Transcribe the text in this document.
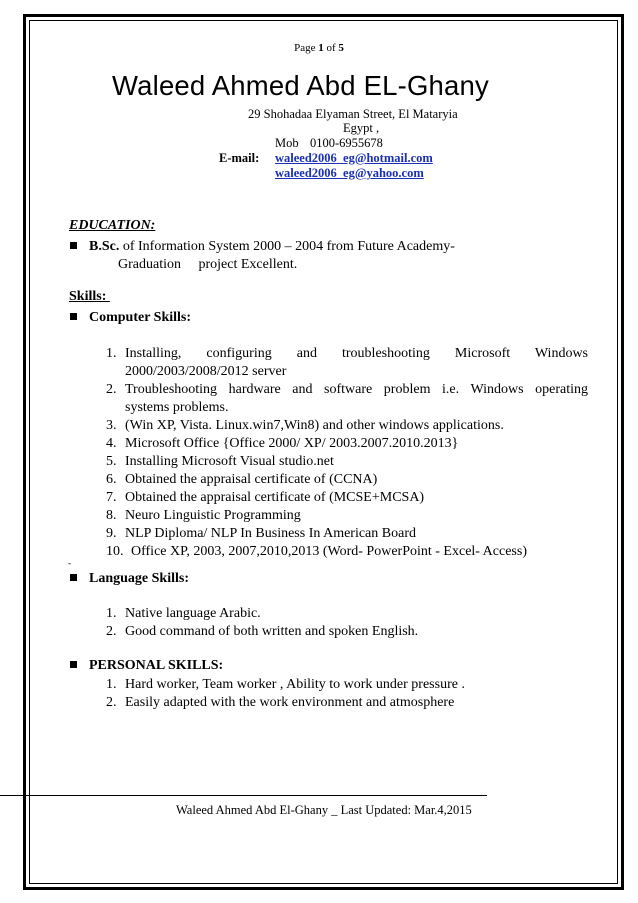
Page 1 of 5
Waleed Ahmed Abd EL-Ghany
29 Shohadaa Elyaman Street, El Mataryia
Egypt ,
Mob 0100-6955678
E-mail: waleed2006_eg@hotmail.com
waleed2006_eg@yahoo.com
EDUCATION:
B.Sc. of Information System 2000 – 2004 from Future Academy-
Graduation     project Excellent.
Skills:
Computer Skills:
1. Installing, configuring and troubleshooting Microsoft Windows
2000/2003/2008/2012 server
2. Troubleshooting hardware and software problem i.e. Windows operating
systems problems.
3. (Win XP, Vista. Linux.win7,Win8) and other windows applications.
4. Microsoft Office {Office 2000/ XP/ 2003.2007.2010.2013}
5. Installing Microsoft Visual studio.net
6. Obtained the appraisal certificate of (CCNA)
7. Obtained the appraisal certificate of (MCSE+MCSA)
8. Neuro Linguistic Programming
9. NLP Diploma/ NLP In Business In American Board
10. Office XP, 2003, 2007,2010,2013 (Word- PowerPoint - Excel- Access)
-
Language Skills:
1. Native language Arabic.
2. Good command of both written and spoken English.
PERSONAL SKILLS:
1. Hard worker, Team worker , Ability to work under pressure .
2. Easily adapted with the work environment and atmosphere
Waleed Ahmed Abd El-Ghany _ Last Updated: Mar.4,2015
